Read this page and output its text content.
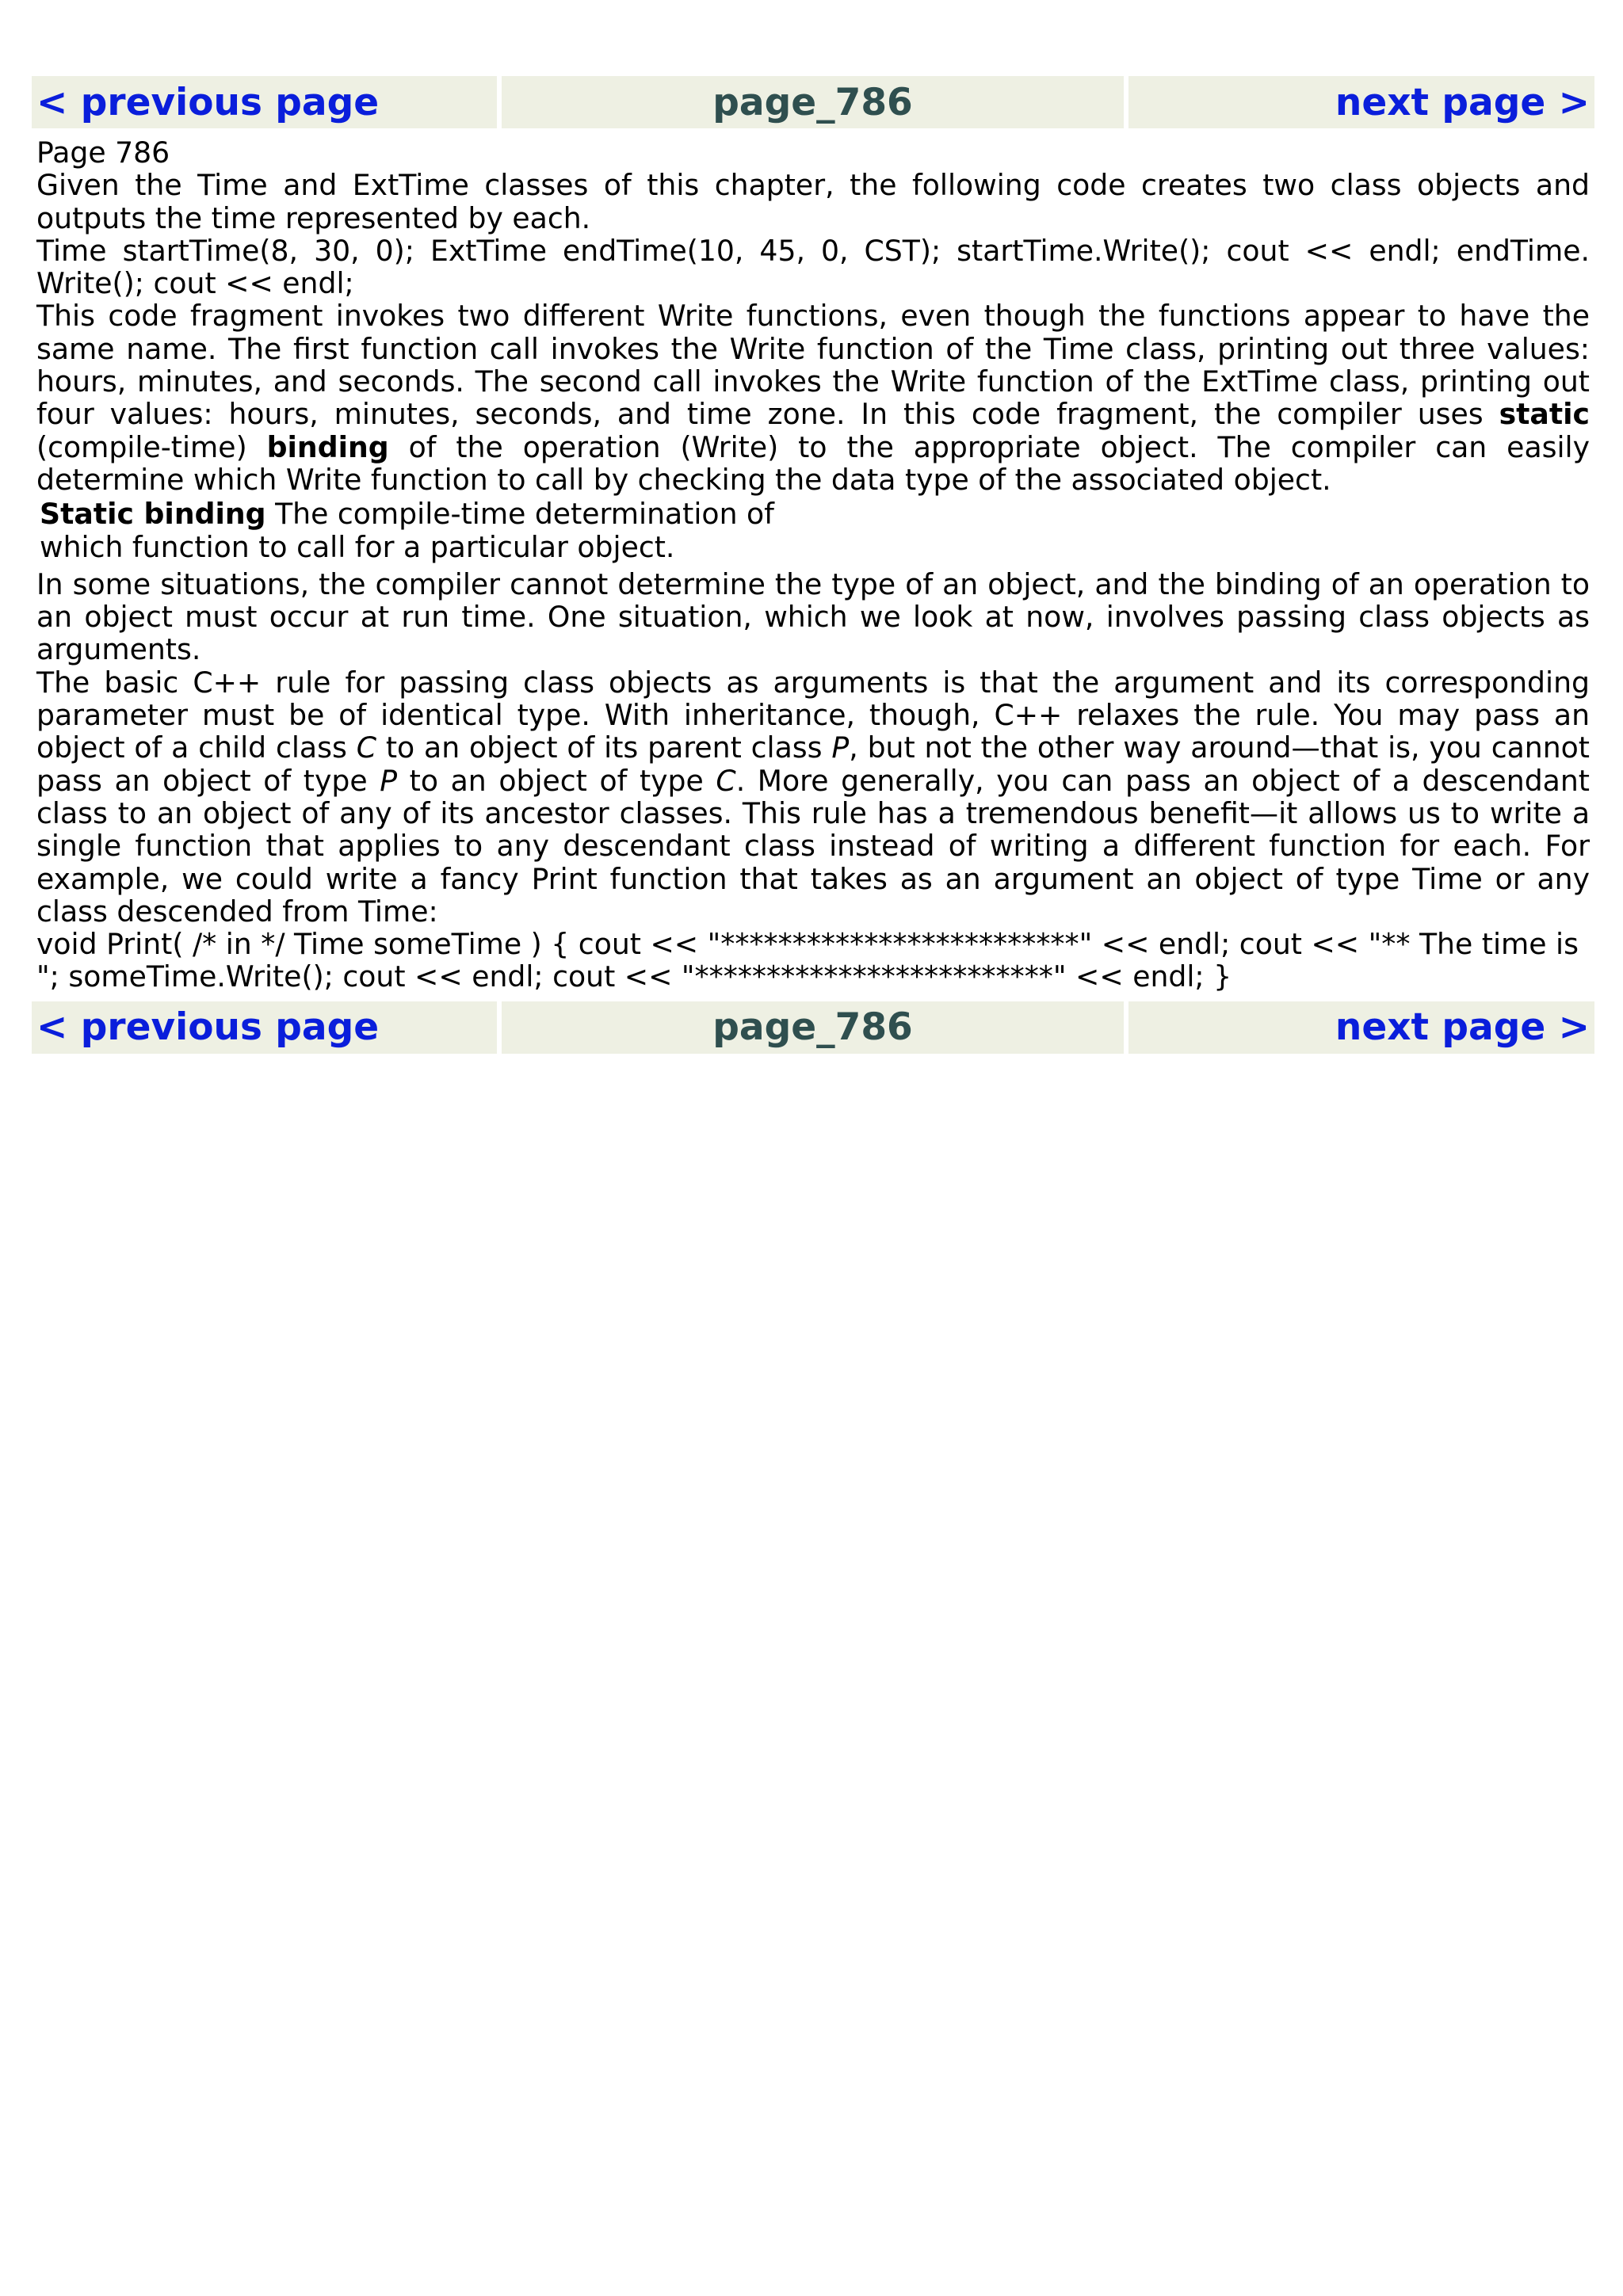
< previous page	page_786	next page >

Page 786

Given the Time and ExtTime classes of this chapter, the following code creates two class objects and outputs the time represented by each.

Time startTime(8, 30, 0); ExtTime endTime(10, 45, 0, CST); startTime.Write(); cout << endl; endTime. Write(); cout << endl;

This code fragment invokes two different Write functions, even though the functions appear to have the same name. The first function call invokes the Write function of the Time class, printing out three values: hours, minutes, and seconds. The second call invokes the Write function of the ExtTime class, printing out four values: hours, minutes, seconds, and time zone. In this code fragment, the compiler uses static (compile-time) binding of the operation (Write) to the appropriate object. The compiler can easily determine which Write function to call by checking the data type of the associated object.

Static binding The compile-time determination of which function to call for a particular object.

In some situations, the compiler cannot determine the type of an object, and the binding of an operation to an object must occur at run time. One situation, which we look at now, involves passing class objects as arguments.

The basic C++ rule for passing class objects as arguments is that the argument and its corresponding parameter must be of identical type. With inheritance, though, C++ relaxes the rule. You may pass an object of a child class C to an object of its parent class P, but not the other way around—that is, you cannot pass an object of type P to an object of type C. More generally, you can pass an object of a descendant class to an object of any of its ancestor classes. This rule has a tremendous benefit—it allows us to write a single function that applies to any descendant class instead of writing a different function for each. For example, we could write a fancy Print function that takes as an argument an object of type Time or any class descended from Time:

void Print( /* in */ Time someTime ) { cout << "*************************" << endl; cout << "** The time is "; someTime.Write(); cout << endl; cout << "*************************" << endl; }

< previous page	page_786	next page >
